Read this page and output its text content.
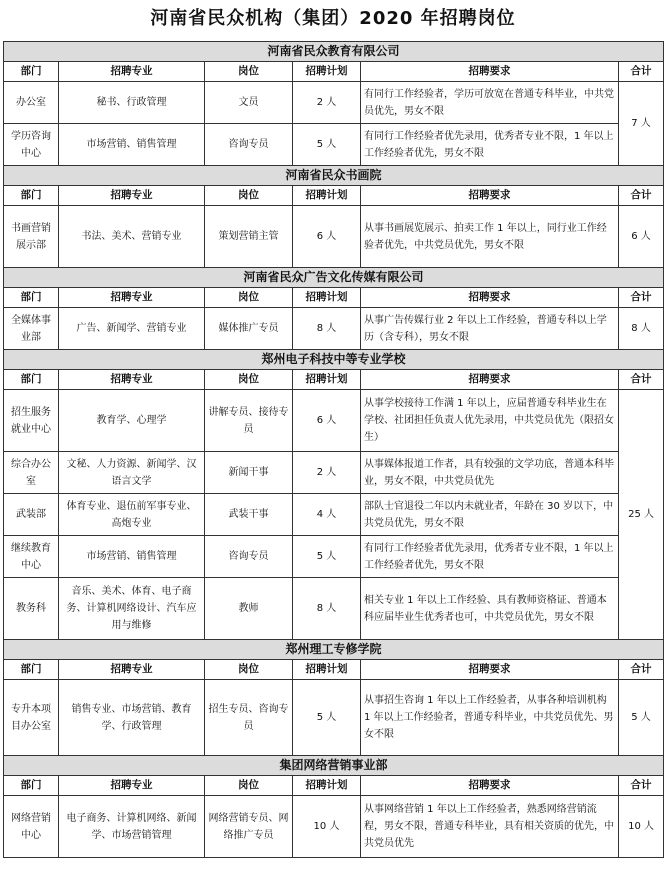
河南省民众机构（集团）2020 年招聘岗位
河南省民众教育有限公司					
部门	招聘专业	岗位	招聘计划	招聘要求	合计
办公室	秘书、行政管理	文员	2 人	有同行工作经验者，学历可放宽在普通专科毕业，中共党员优先，男女不限	7 人
学历咨询中心	市场营销、销售管理	咨询专员	5 人	有同行工作经验者优先录用，优秀者专业不限，1 年以上工作经验者优先，男女不限	
河南省民众书画院					
部门	招聘专业	岗位	招聘计划	招聘要求	合计
书画营销展示部	书法、美术、营销专业	策划营销主管	6 人	从事书画展览展示、拍卖工作 1 年以上，同行业工作经验者优先，中共党员优先，男女不限	6 人
河南省民众广告文化传媒有限公司					
部门	招聘专业	岗位	招聘计划	招聘要求	合计
全媒体事业部	广告、新闻学、营销专业	媒体推广专员	8 人	从事广告传媒行业 2 年以上工作经验，普通专科以上学历（含专科），男女不限	8 人
郑州电子科技中等专业学校					
部门	招聘专业	岗位	招聘计划	招聘要求	合计
招生服务就业中心	教育学、心理学	讲解专员、接待专员	6 人	从事学校接待工作满 1 年以上，应届普通专科毕业生在学校、社团担任负责人优先录用，中共党员优先（限招女生）	25 人
综合办公室	文秘、人力资源、新闻学、汉语言文学	新闻干事	2 人	从事媒体报道工作者，具有较强的文学功底，普通本科毕业，男女不限，中共党员优先	
武装部	体育专业、退伍前军事专业、高炮专业	武装干事	4 人	部队士官退役二年以内未就业者，年龄在 30 岁以下，中共党员优先，男女不限	
继续教育中心	市场营销、销售管理	咨询专员	5 人	有同行工作经验者优先录用，优秀者专业不限，1 年以上工作经验者优先，男女不限	
教务科	音乐、美术、体育、电子商务、计算机网络设计、汽车应用与维修	教师	8 人	相关专业 1 年以上工作经验、具有教师资格证、普通本科应届毕业生优秀者也可，中共党员优先，男女不限	
郑州理工专修学院					
部门	招聘专业	岗位	招聘计划	招聘要求	合计
专升本项目办公室	销售专业、市场营销、教育学、行政管理	招生专员、咨询专员	5 人	从事招生咨询 1 年以上工作经验者，从事各种培训机构 1 年以上工作经验者，普通专科毕业，中共党员优先、男女不限	5 人
集团网络营销事业部					
部门	招聘专业	岗位	招聘计划	招聘要求	合计
网络营销中心	电子商务、计算机网络、新闻学、市场营销管理	网络营销专员、网络推广专员	10 人	从事网络营销 1 年以上工作经验者，熟悉网络营销流程，男女不限，普通专科毕业，具有相关资质的优先，中共党员优先	10 人
